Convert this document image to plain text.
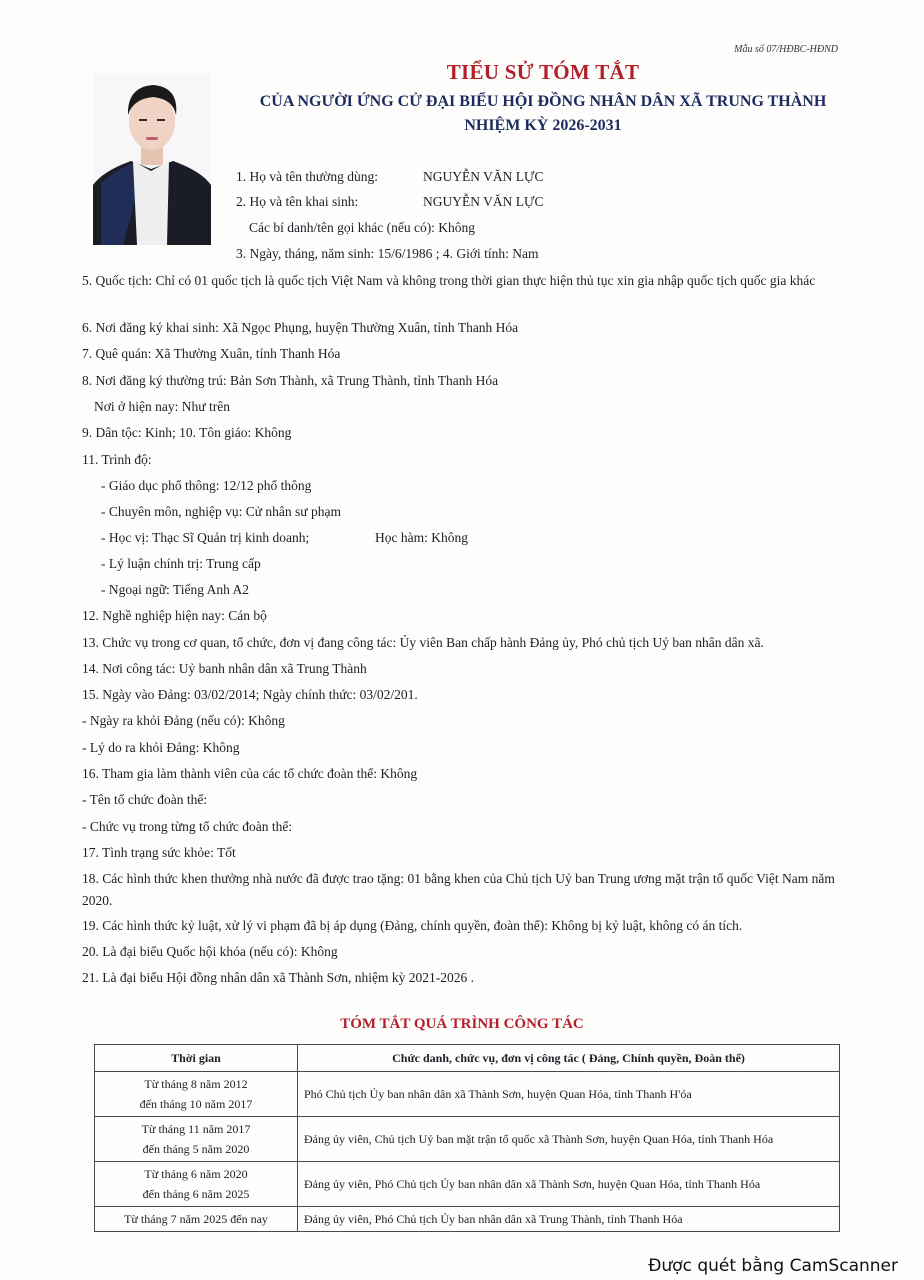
Mẫu số 07/HĐBC-HĐND
TIỂU SỬ TÓM TẮT
CỦA NGƯỜI ỨNG CỬ ĐẠI BIỂU HỘI ĐỒNG NHÂN DÂN XÃ TRUNG THÀNH
NHIỆM KỲ 2026-2031
1. Họ và tên thường dùng:	NGUYỄN VĂN LỰC
2. Họ và tên khai sinh:	NGUYỄN VĂN LỰC
Các bí danh/tên gọi khác (nếu có): Không
3. Ngày, tháng, năm sinh: 15/6/1986 ; 4. Giới tính: Nam
5. Quốc tịch: Chỉ có 01 quốc tịch là quốc tịch Việt Nam và không trong thời gian thực hiện thủ tục xin gia nhập quốc tịch quốc gia khác
6. Nơi đăng ký khai sinh: Xã Ngọc Phụng, huyện Thường Xuân, tỉnh Thanh Hóa
7. Quê quán: Xã Thường Xuân, tỉnh Thanh Hóa
8. Nơi đăng ký thường trú: Bản Sơn Thành, xã Trung Thành, tỉnh Thanh Hóa
Nơi ở hiện nay: Như trên
9. Dân tộc: Kinh; 10. Tôn giáo: Không
11. Trình độ:
- Giáo dục phổ thông: 12/12 phổ thông
- Chuyên môn, nghiệp vụ: Cử nhân sư phạm
- Học vị: Thạc Sĩ Quản trị kinh doanh;	Học hàm: Không
- Lý luận chính trị: Trung cấp
- Ngoại ngữ: Tiếng Anh A2
12. Nghề nghiệp hiện nay: Cán bộ
13. Chức vụ trong cơ quan, tổ chức, đơn vị đang công tác: Ủy viên Ban chấp hành Đảng ủy, Phó chủ tịch Uỷ ban nhân dân xã.
14. Nơi công tác: Uỷ banh nhân dân xã Trung Thành
15. Ngày vào Đảng: 03/02/2014; Ngày chính thức: 03/02/201.
- Ngày ra khỏi Đảng (nếu có): Không
- Lý do ra khỏi Đảng: Không
16. Tham gia làm thành viên của các tổ chức đoàn thể: Không
- Tên tổ chức đoàn thể:
- Chức vụ trong từng tổ chức đoàn thể:
17. Tình trạng sức khỏe: Tốt
18. Các hình thức khen thưởng nhà nước đã được trao tặng: 01 bằng khen của Chủ tịch Uỷ ban Trung ương mặt trận tổ quốc Việt Nam năm 2020.
19. Các hình thức kỷ luật, xử lý vi phạm đã bị áp dụng (Đảng, chính quyền, đoàn thể): Không bị kỷ luật, không có án tích.
20. Là đại biểu Quốc hội khóa (nếu có): Không
21. Là đại biểu Hội đồng nhân dân xã Thành Sơn, nhiệm kỳ 2021-2026 .
TÓM TẮT QUÁ TRÌNH CÔNG TÁC
Thời gian	Chức danh, chức vụ, đơn vị công tác ( Đảng, Chính quyền, Đoàn thể)

Từ tháng 8 năm 2012
đến tháng 10 năm 2017	Phó Chủ tịch Ủy ban nhân dân xã Thành Sơn, huyện Quan Hóa, tỉnh Thanh H'óa

Từ tháng 11 năm 2017
đến tháng 5 năm 2020	Đảng ủy viên, Chủ tịch Uỷ ban mặt trận tổ quốc xã Thành Sơn, huyện Quan Hóa, tỉnh Thanh Hóa

Từ tháng 6 năm 2020
đến tháng 6 năm 2025	Đảng ủy viên, Phó Chủ tịch Ủy ban nhân dân xã Thành Sơn, huyện Quan Hóa, tỉnh Thanh Hóa

Từ tháng 7 năm 2025 đến nay	Đảng ủy viên, Phó Chủ tịch Ủy ban nhân dân xã Trung Thành, tỉnh Thanh Hóa
Được quét bằng CamScanner
